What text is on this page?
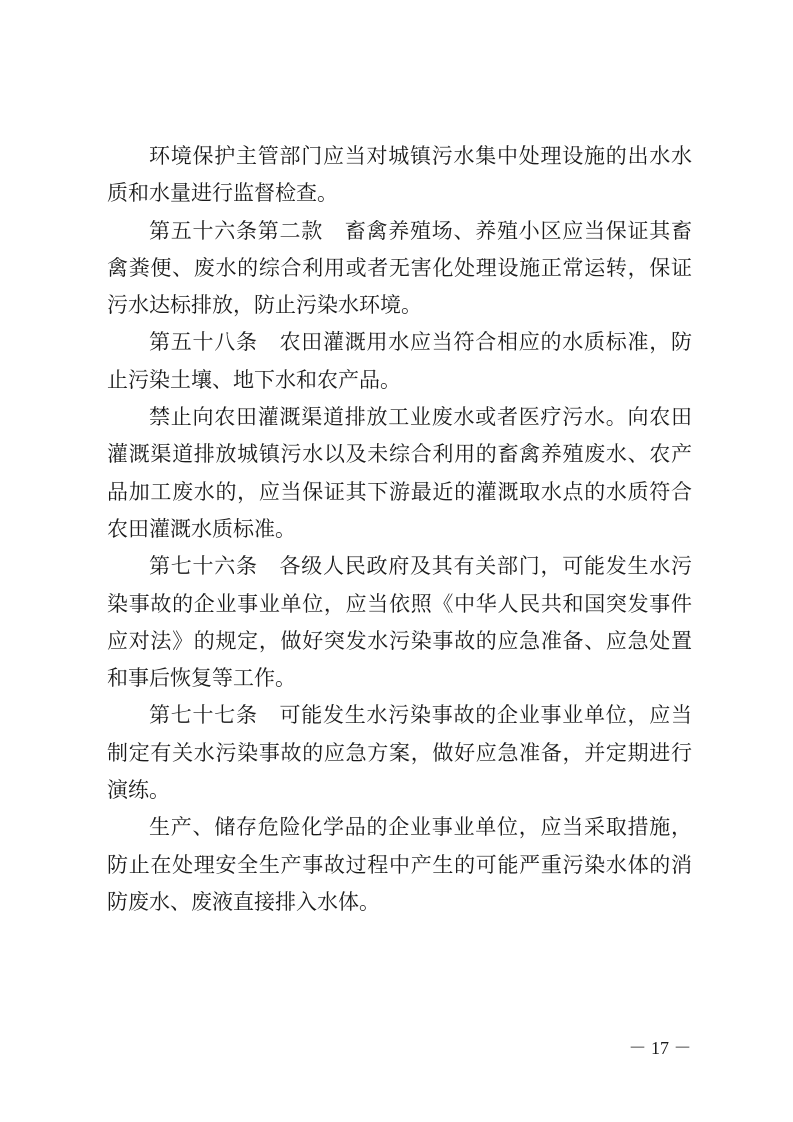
环境保护主管部门应当对城镇污水集中处理设施的出水水质和水量进行监督检查。

第五十六条第二款　畜禽养殖场、养殖小区应当保证其畜禽粪便、废水的综合利用或者无害化处理设施正常运转，保证污水达标排放，防止污染水环境。

第五十八条　农田灌溉用水应当符合相应的水质标准，防止污染土壤、地下水和农产品。

禁止向农田灌溉渠道排放工业废水或者医疗污水。向农田灌溉渠道排放城镇污水以及未综合利用的畜禽养殖废水、农产品加工废水的，应当保证其下游最近的灌溉取水点的水质符合农田灌溉水质标准。

第七十六条　各级人民政府及其有关部门，可能发生水污染事故的企业事业单位，应当依照《中华人民共和国突发事件应对法》的规定，做好突发水污染事故的应急准备、应急处置和事后恢复等工作。

第七十七条　可能发生水污染事故的企业事业单位，应当制定有关水污染事故的应急方案，做好应急准备，并定期进行演练。

生产、储存危险化学品的企业事业单位，应当采取措施，防止在处理安全生产事故过程中产生的可能严重污染水体的消防废水、废液直接排入水体。

－ 17 －
